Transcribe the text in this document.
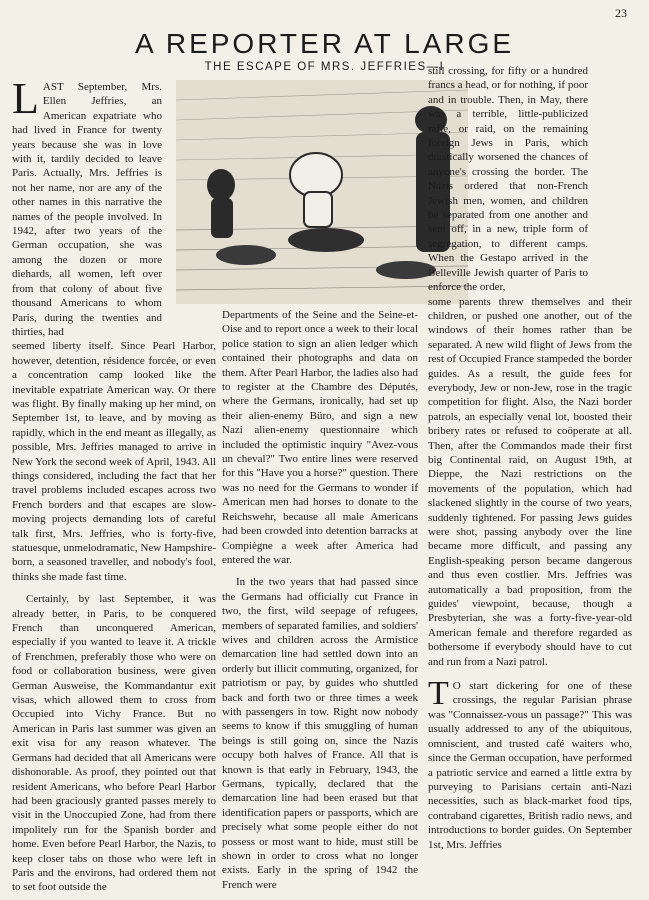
23
A REPORTER AT LARGE
THE ESCAPE OF MRS. JEFFRIES—I

LAST September, Mrs. Ellen Jeffries, an American expatriate who had lived in France for twenty years because she was in love with it, tardily decided to leave Paris. Actually, Mrs. Jeffries is not her name, nor are any of the other names in this narrative the names of the people involved. In 1942, after two years of the German occupation, she was among the dozen or more diehards, all women, left over from that colony of about five thousand Americans to whom Paris, during the twenties and thirties, had

seemed liberty itself. Since Pearl Harbor, however, detention, résidence forcée, or even a concentration camp looked like the inevitable expatriate American way. Or there was flight. By finally making up her mind, on September 1st, to leave, and by moving as rapidly, which in the end meant as illegally, as possible, Mrs. Jeffries managed to arrive in New York the second week of April, 1943. All things considered, including the fact that her travel problems included escapes across two French borders and that escapes are slow-moving projects demanding lots of careful talk first, Mrs. Jeffries, who is forty-five, statuesque, unmelodramatic, New Hampshire-born, a seasoned traveller, and nobody's fool, thinks she made fast time.

Certainly, by last September, it was already better, in Paris, to be conquered French than unconquered American, especially if you wanted to leave it. A trickle of Frenchmen, preferably those who were on food or collaboration business, were given German Ausweise, the Kommandantur exit visas, which allowed them to cross from Occupied into Vichy France. But no American in Paris last summer was given an exit visa for any reason whatever. The Germans had decided that all Americans were dishonorable. As proof, they pointed out that resident Americans, who before Pearl Harbor had been graciously granted passes merely to visit in the Unoccupied Zone, had from there impolitely run for the Spanish border and home. Even before Pearl Harbor, the Nazis, to keep closer tabs on those who were left in Paris and the environs, had ordered them not to set foot outside the

Departments of the Seine and the Seine-et-Oise and to report once a week to their local police station to sign an alien ledger which contained their photographs and data on them. After Pearl Harbor, the ladies also had to register at the Chambre des Députés, where the Germans, ironically, had set up their alien-enemy Büro, and sign a new Nazi alien-enemy questionnaire which included the optimistic inquiry "Avez-vous un cheval?" Two entire lines were reserved for this "Have you a horse?" question. There was no need for the Germans to wonder if American men had horses to donate to the Reichswehr, because all male Americans had been crowded into detention barracks at Compiègne a week after America had entered the war.

In the two years that had passed since the Germans had officially cut France in two, the first, wild seepage of refugees, members of separated families, and soldiers' wives and children across the Armistice demarcation line had settled down into an orderly but illicit commuting, organized, for patriotism or pay, by guides who shuttled back and forth two or three times a week with passengers in tow. Right now nobody seems to know if this smuggling of human beings is still going on, since the Nazis occupy both halves of France. All that is known is that early in February, 1943, the Germans, typically, declared that the demarcation line had been erased but that identification papers or passports, which are precisely what some people either do not possess or most want to hide, must still be shown in order to cross what no longer exists. Early in the spring of 1942 the French were

still crossing, for fifty or a hundred francs a head, or for nothing, if poor and in trouble. Then, in May, there was a terrible, little-publicized rafle, or raid, on the remaining foreign Jews in Paris, which drastically worsened the chances of anyone's crossing the border. The Nazis ordered that non-French Jewish men, women, and children be separated from one another and sent off, in a new, triple form of segregation, to different camps. When the Gestapo arrived in the Belleville Jewish quarter of Paris to enforce the order,

some parents threw themselves and their children, or pushed one another, out of the windows of their homes rather than be separated. A new wild flight of Jews from the rest of Occupied France stampeded the border guides. As a result, the guide fees for everybody, Jew or non-Jew, rose in the tragic competition for flight. Also, the Nazi border patrols, an especially venal lot, boosted their bribery rates or refused to coöperate at all. Then, after the Commandos made their first big Continental raid, on August 19th, at Dieppe, the Nazi restrictions on the movements of the population, which had slackened slightly in the course of two years, suddenly tightened. For passing Jews guides were shot, passing anybody over the line became more difficult, and passing any English-speaking person became dangerous and thus even costlier. Mrs. Jeffries was automatically a bad proposition, from the guides' viewpoint, because, though a Presbyterian, she was a forty-five-year-old American female and therefore regarded as bothersome if everybody should have to cut and run from a Nazi patrol.

T O start dickering for one of these crossings, the regular Parisian phrase was "Connaissez-vous un passage?" This was usually addressed to any of the ubiquitous, omniscient, and trusted café waiters who, since the German occupation, have performed a patriotic service and earned a little extra by purveying to Parisians certain anti-Nazi necessities, such as black-market food tips, contraband cigarettes, British radio news, and introductions to border guides. On September 1st, Mrs. Jeffries
